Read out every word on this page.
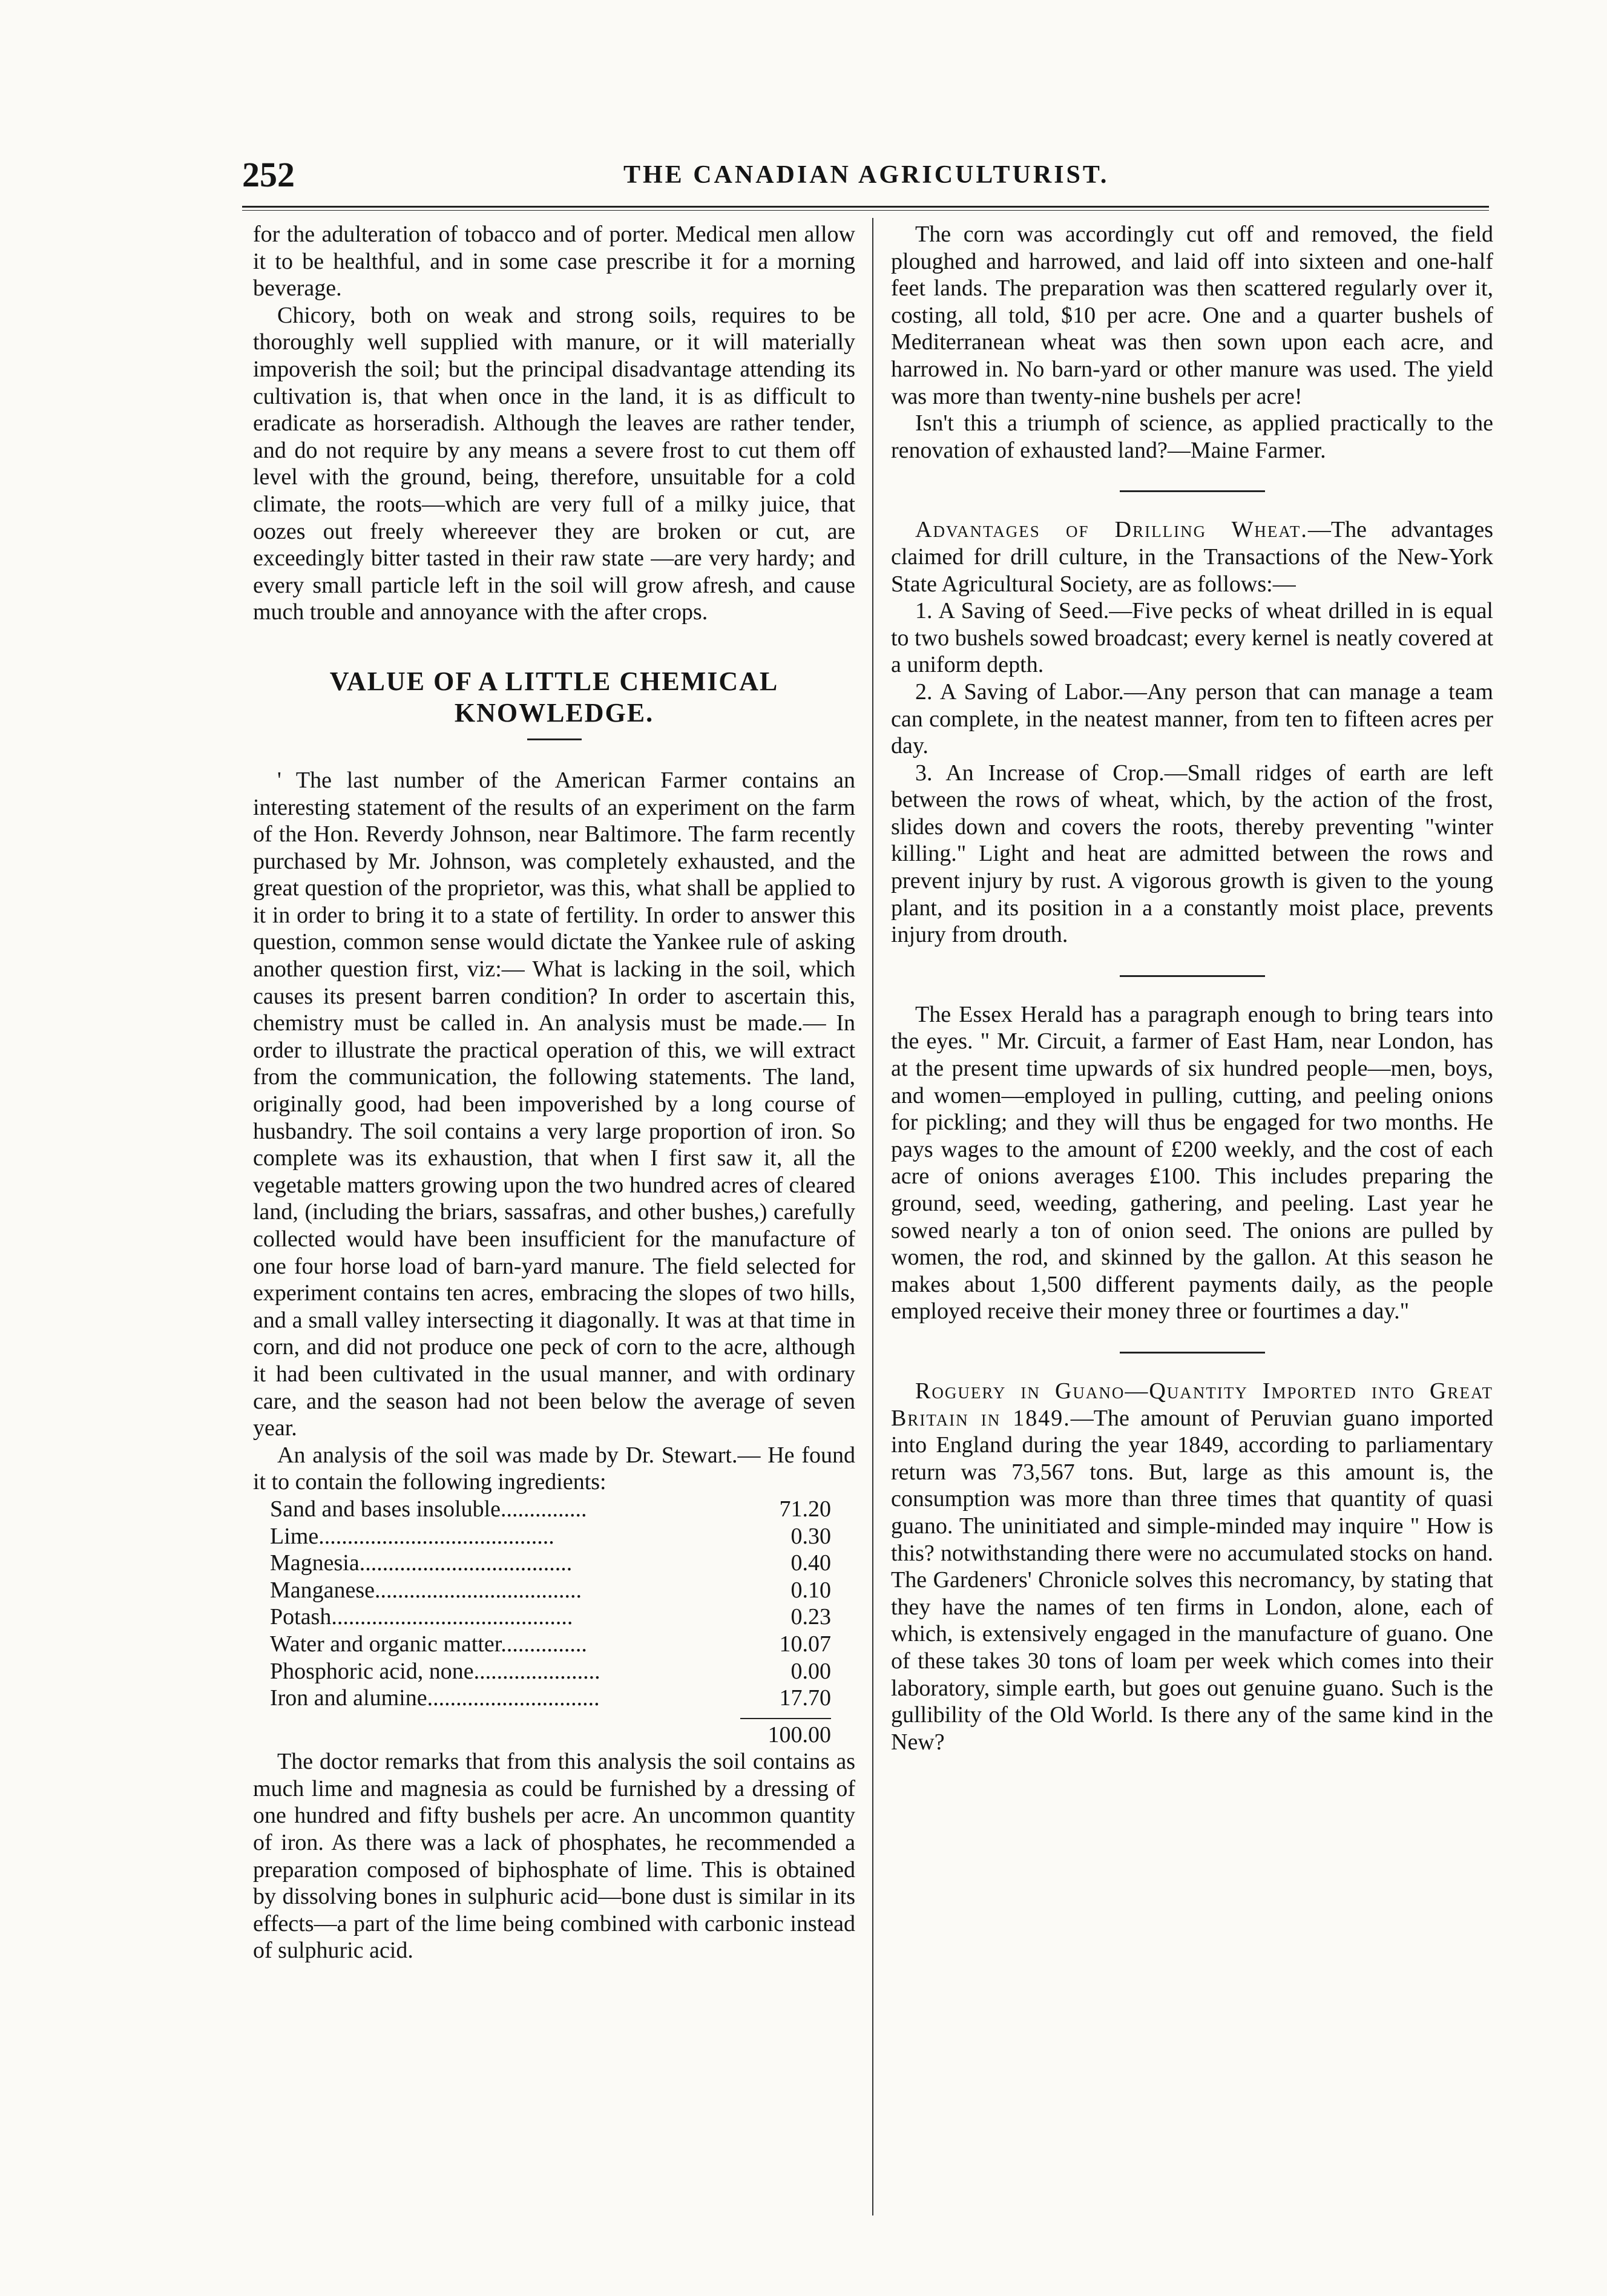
252	THE CANADIAN AGRICULTURIST.

for the adulteration of tobacco and of porter. Medical men allow it to be healthful, and in some case prescribe it for a morning beverage.

Chicory, both on weak and strong soils, requires to be thoroughly well supplied with manure, or it will materially impoverish the soil; but the principal disadvantage attending its cultivation is, that when once in the land, it is as difficult to eradicate as horseradish. Although the leaves are rather tender, and do not require by any means a severe frost to cut them off level with the ground, being, therefore, unsuitable for a cold climate, the roots—which are very full of a milky juice, that oozes out freely whereever they are broken or cut, are exceedingly bitter tasted in their raw state —are very hardy; and every small particle left in the soil will grow afresh, and cause much trouble and annoyance with the after crops.

VALUE OF A LITTLE CHEMICAL KNOWLEDGE.

' The last number of the American Farmer contains an interesting statement of the results of an experiment on the farm of the Hon. Reverdy Johnson, near Baltimore. The farm recently purchased by Mr. Johnson, was completely exhausted, and the great question of the proprietor, was this, what shall be applied to it in order to bring it to a state of fertility. In order to answer this question, common sense would dictate the Yankee rule of asking another question first, viz:— What is lacking in the soil, which causes its present barren condition? In order to ascertain this, chemistry must be called in. An analysis must be made.— In order to illustrate the practical operation of this, we will extract from the communication, the following statements. The land, originally good, had been impoverished by a long course of husbandry. The soil contains a very large proportion of iron. So complete was its exhaustion, that when I first saw it, all the vegetable matters growing upon the two hundred acres of cleared land, (including the briars, sassafras, and other bushes,) carefully collected would have been insufficient for the manufacture of one four horse load of barn-yard manure. The field selected for experiment contains ten acres, embracing the slopes of two hills, and a small valley intersecting it diagonally. It was at that time in corn, and did not produce one peck of corn to the acre, although it had been cultivated in the usual manner, and with ordinary care, and the season had not been below the average of seven year.

An analysis of the soil was made by Dr. Stewart.— He found it to contain the following ingredients:

Sand and bases insoluble...............	71.20
Lime.........................................	0.30
Magnesia.....................................	0.40
Manganese....................................	0.10
Potash..........................................	0.23
Water and organic matter...............	10.07
Phosphoric acid, none......................	0.00
Iron and alumine..............................	17.70
100.00

The doctor remarks that from this analysis the soil contains as much lime and magnesia as could be furnished by a dressing of one hundred and fifty bushels per acre. An uncommon quantity of iron. As there was a lack of phosphates, he recommended a preparation composed of biphosphate of lime. This is obtained by dissolving bones in sulphuric acid—bone dust is similar in its effects—a part of the lime being combined with carbonic instead of sulphuric acid.

The corn was accordingly cut off and removed, the field ploughed and harrowed, and laid off into sixteen and one-half feet lands. The preparation was then scattered regularly over it, costing, all told, $10 per acre. One and a quarter bushels of Mediterranean wheat was then sown upon each acre, and harrowed in. No barn-yard or other manure was used. The yield was more than twenty-nine bushels per acre!

Isn't this a triumph of science, as applied practically to the renovation of exhausted land?—Maine Farmer.

Advantages of Drilling Wheat.—The advantages claimed for drill culture, in the Transactions of the New-York State Agricultural Society, are as follows:—

1. A Saving of Seed.—Five pecks of wheat drilled in is equal to two bushels sowed broadcast; every kernel is neatly covered at a uniform depth.

2. A Saving of Labor.—Any person that can manage a team can complete, in the neatest manner, from ten to fifteen acres per day.

3. An Increase of Crop.—Small ridges of earth are left between the rows of wheat, which, by the action of the frost, slides down and covers the roots, thereby preventing "winter killing." Light and heat are admitted between the rows and prevent injury by rust. A vigorous growth is given to the young plant, and its position in a a constantly moist place, prevents injury from drouth.

The Essex Herald has a paragraph enough to bring tears into the eyes. " Mr. Circuit, a farmer of East Ham, near London, has at the present time upwards of six hundred people—men, boys, and women—employed in pulling, cutting, and peeling onions for pickling; and they will thus be engaged for two months. He pays wages to the amount of £200 weekly, and the cost of each acre of onions averages £100. This includes preparing the ground, seed, weeding, gathering, and peeling. Last year he sowed nearly a ton of onion seed. The onions are pulled by women, the rod, and skinned by the gallon. At this season he makes about 1,500 different payments daily, as the people employed receive their money three or fourtimes a day."

Roguery in Guano—Quantity Imported into Great Britain in 1849.—The amount of Peruvian guano imported into England during the year 1849, according to parliamentary return was 73,567 tons. But, large as this amount is, the consumption was more than three times that quantity of quasi guano. The uninitiated and simple-minded may inquire " How is this? notwithstanding there were no accumulated stocks on hand. The Gardeners' Chronicle solves this necromancy, by stating that they have the names of ten firms in London, alone, each of which, is extensively engaged in the manufacture of guano. One of these takes 30 tons of loam per week which comes into their laboratory, simple earth, but goes out genuine guano. Such is the gullibility of the Old World. Is there any of the same kind in the New?
